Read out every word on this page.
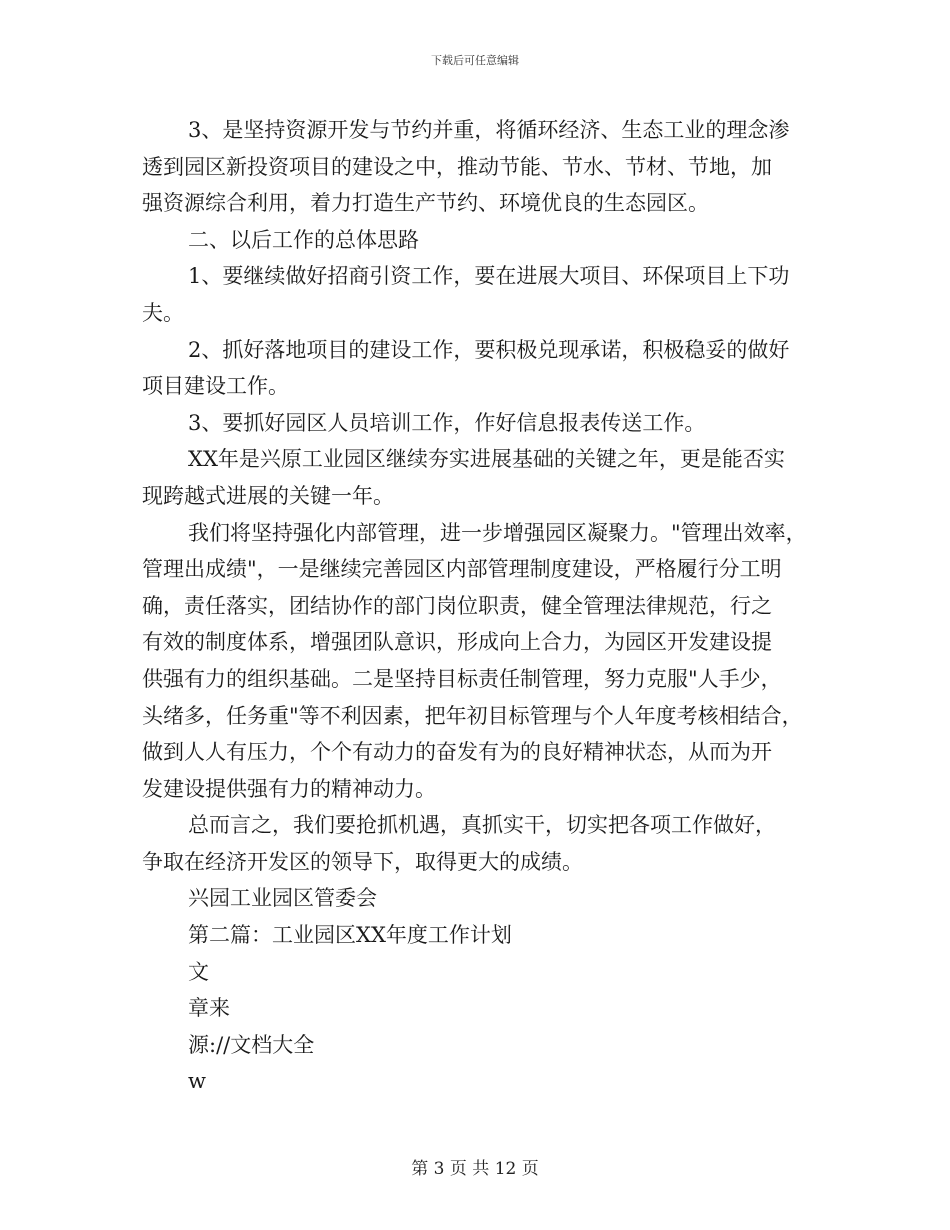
下载后可任意编辑
3、是坚持资源开发与节约并重，将循环经济、生态工业的理念渗
透到园区新投资项目的建设之中，推动节能、节水、节材、节地，加
强资源综合利用，着力打造生产节约、环境优良的生态园区。
二、以后工作的总体思路
1、要继续做好招商引资工作，要在进展大项目、环保项目上下功
夫。
2、抓好落地项目的建设工作，要积极兑现承诺，积极稳妥的做好
项目建设工作。
3、要抓好园区人员培训工作，作好信息报表传送工作。
XX年是兴原工业园区继续夯实进展基础的关键之年，更是能否实
现跨越式进展的关键一年。
我们将坚持强化内部管理，进一步增强园区凝聚力。"管理出效率，
管理出成绩"，一是继续完善园区内部管理制度建设，严格履行分工明
确，责任落实，团结协作的部门岗位职责，健全管理法律规范，行之
有效的制度体系，增强团队意识，形成向上合力，为园区开发建设提
供强有力的组织基础。二是坚持目标责任制管理，努力克服"人手少，
头绪多，任务重"等不利因素，把年初目标管理与个人年度考核相结合，
做到人人有压力，个个有动力的奋发有为的良好精神状态，从而为开
发建设提供强有力的精神动力。
总而言之，我们要抢抓机遇，真抓实干，切实把各项工作做好，
争取在经济开发区的领导下，取得更大的成绩。
兴园工业园区管委会
第二篇：工业园区XX年度工作计划
文
章来
源://文档大全
w
第 3 页 共 12 页
